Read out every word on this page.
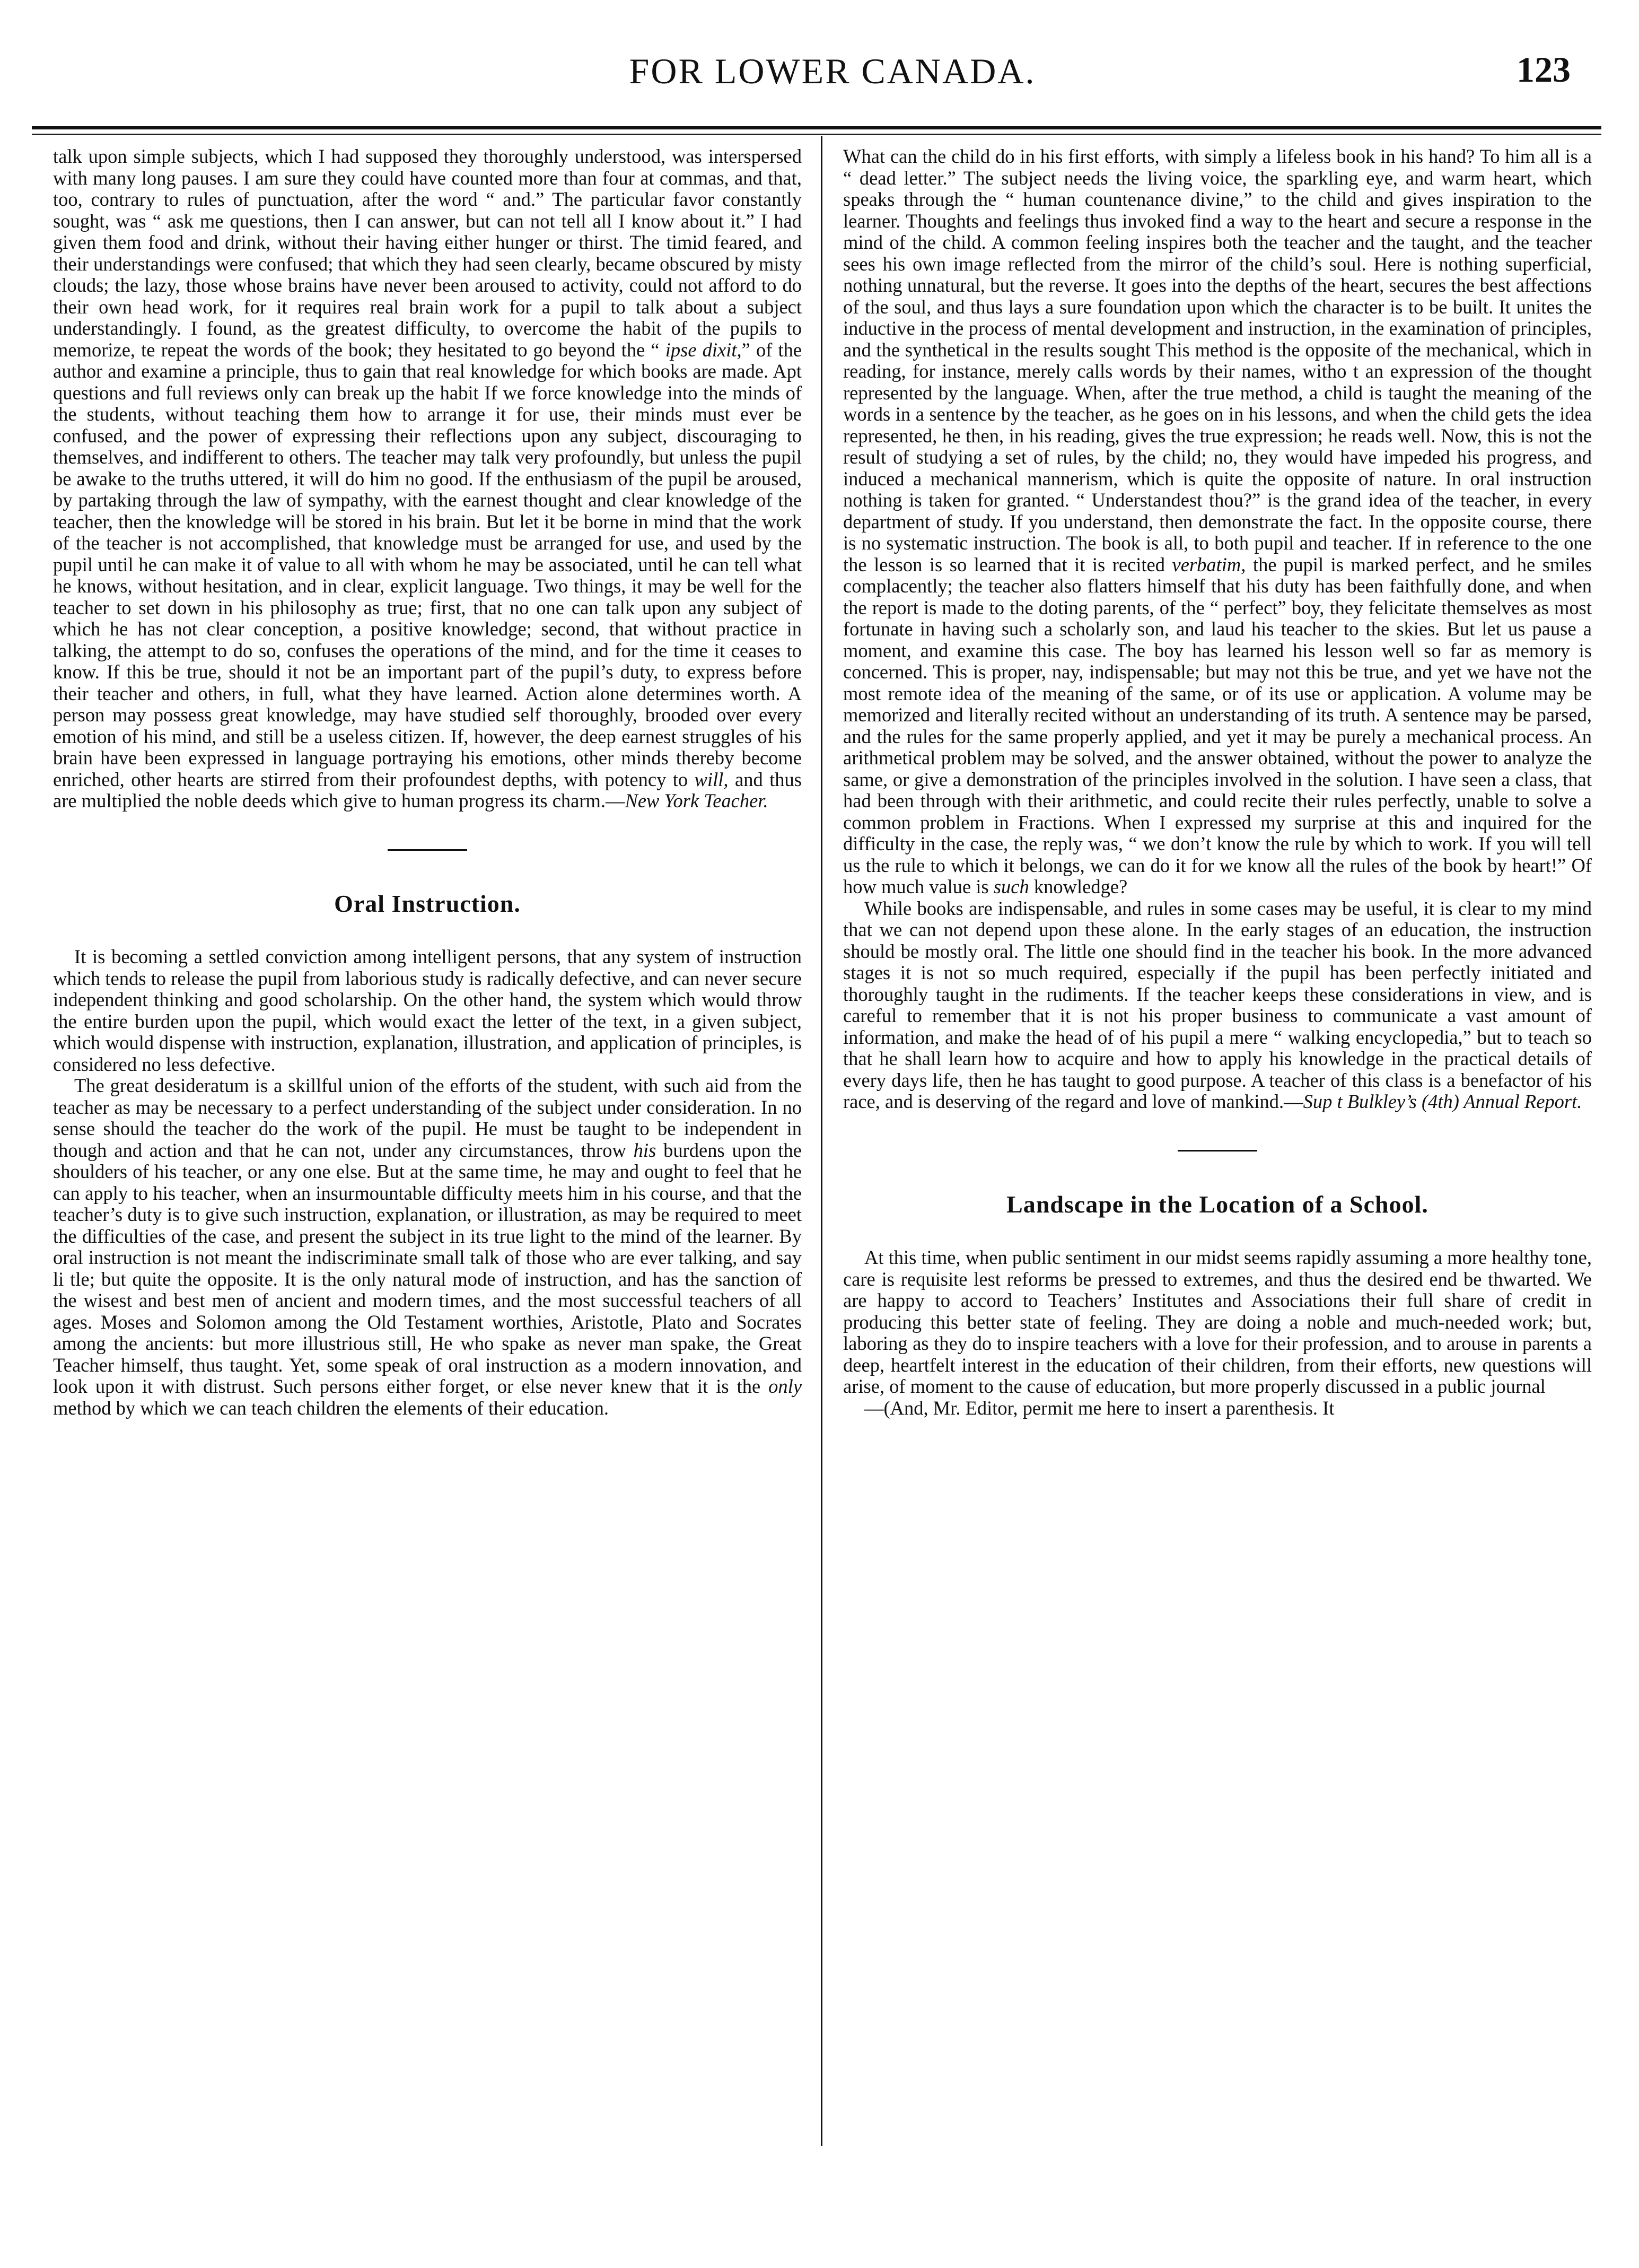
FOR LOWER CANADA.	123

talk upon simple subjects, which I had supposed they thoroughly understood, was interspersed with many long pauses. I am sure they could have counted more than four at commas, and that, too, contrary to rules of punctuation, after the word “ and.” The particular favor constantly sought, was “ ask me questions, then I can answer, but can not tell all I know about it.” I had given them food and drink, without their having either hunger or thirst. The timid feared, and their understandings were confused; that which they had seen clearly, became obscured by misty clouds; the lazy, those whose brains have never been aroused to activity, could not afford to do their own head work, for it requires real brain work for a pupil to talk about a subject understandingly. I found, as the greatest difficulty, to overcome the habit of the pupils to memorize, te repeat the words of the book; they hesitated to go beyond the “ ipse dixit,” of the author and examine a principle, thus to gain that real knowledge for which books are made. Apt questions and full reviews only can break up the habit If we force knowledge into the minds of the students, without teaching them how to arrange it for use, their minds must ever be confused, and the power of expressing their reflections upon any subject, discouraging to themselves, and indifferent to others. The teacher may talk very profoundly, but unless the pupil be awake to the truths uttered, it will do him no good. If the enthusiasm of the pupil be aroused, by partaking through the law of sympathy, with the earnest thought and clear knowledge of the teacher, then the knowledge will be stored in his brain. But let it be borne in mind that the work of the teacher is not accomplished, that knowledge must be arranged for use, and used by the pupil until he can make it of value to all with whom he may be associated, until he can tell what he knows, without hesitation, and in clear, explicit language. Two things, it may be well for the teacher to set down in his philosophy as true; first, that no one can talk upon any subject of which he has not clear conception, a positive knowledge; second, that without practice in talking, the attempt to do so, confuses the operations of the mind, and for the time it ceases to know. If this be true, should it not be an important part of the pupil’s duty, to express before their teacher and others, in full, what they have learned. Action alone determines worth. A person may possess great knowledge, may have studied self thoroughly, brooded over every emotion of his mind, and still be a useless citizen. If, however, the deep earnest struggles of his brain have been expressed in language portraying his emotions, other minds thereby become enriched, other hearts are stirred from their profoundest depths, with potency to will, and thus are multiplied the noble deeds which give to human progress its charm.—New York Teacher.

Oral Instruction.

It is becoming a settled conviction among intelligent persons, that any system of instruction which tends to release the pupil from laborious study is radically defective, and can never secure independent thinking and good scholarship. On the other hand, the system which would throw the entire burden upon the pupil, which would exact the letter of the text, in a given subject, which would dispense with instruction, explanation, illustration, and application of principles, is considered no less defective.

The great desideratum is a skillful union of the efforts of the student, with such aid from the teacher as may be necessary to a perfect understanding of the subject under consideration. In no sense should the teacher do the work of the pupil. He must be taught to be independent in though and action and that he can not, under any circumstances, throw his burdens upon the shoulders of his teacher, or any one else. But at the same time, he may and ought to feel that he can apply to his teacher, when an insurmountable difficulty meets him in his course, and that the teacher’s duty is to give such instruction, explanation, or illustration, as may be required to meet the difficulties of the case, and present the subject in its true light to the mind of the learner. By oral instruction is not meant the indiscriminate small talk of those who are ever talking, and say li tle; but quite the opposite. It is the only natural mode of instruction, and has the sanction of the wisest and best men of ancient and modern times, and the most successful teachers of all ages. Moses and Solomon among the Old Testament worthies, Aristotle, Plato and Socrates among the ancients: but more illustrious still, He who spake as never man spake, the Great Teacher himself, thus taught. Yet, some speak of oral instruction as a modern innovation, and look upon it with distrust. Such persons either forget, or else never knew that it is the only method by which we can teach children the elements of their education.

What can the child do in his first efforts, with simply a lifeless book in his hand? To him all is a “ dead letter.” The subject needs the living voice, the sparkling eye, and warm heart, which speaks through the “ human countenance divine,” to the child and gives inspiration to the learner. Thoughts and feelings thus invoked find a way to the heart and secure a response in the mind of the child. A common feeling inspires both the teacher and the taught, and the teacher sees his own image reflected from the mirror of the child’s soul. Here is nothing superficial, nothing unnatural, but the reverse. It goes into the depths of the heart, secures the best affections of the soul, and thus lays a sure foundation upon which the character is to be built. It unites the inductive in the process of mental development and instruction, in the examination of principles, and the synthetical in the results sought This method is the opposite of the mechanical, which in reading, for instance, merely calls words by their names, witho t an expression of the thought represented by the language. When, after the true method, a child is taught the meaning of the words in a sentence by the teacher, as he goes on in his lessons, and when the child gets the idea represented, he then, in his reading, gives the true expression; he reads well. Now, this is not the result of studying a set of rules, by the child; no, they would have impeded his progress, and induced a mechanical mannerism, which is quite the opposite of nature. In oral instruction nothing is taken for granted. “ Understandest thou?” is the grand idea of the teacher, in every department of study. If you understand, then demonstrate the fact. In the opposite course, there is no systematic instruction. The book is all, to both pupil and teacher. If in reference to the one the lesson is so learned that it is recited verbatim, the pupil is marked perfect, and he smiles complacently; the teacher also flatters himself that his duty has been faithfully done, and when the report is made to the doting parents, of the “ perfect” boy, they felicitate themselves as most fortunate in having such a scholarly son, and laud his teacher to the skies. But let us pause a moment, and examine this case. The boy has learned his lesson well so far as memory is concerned. This is proper, nay, indispensable; but may not this be true, and yet we have not the most remote idea of the meaning of the same, or of its use or application. A volume may be memorized and literally recited without an understanding of its truth. A sentence may be parsed, and the rules for the same properly applied, and yet it may be purely a mechanical process. An arithmetical problem may be solved, and the answer obtained, without the power to analyze the same, or give a demonstration of the principles involved in the solution. I have seen a class, that had been through with their arithmetic, and could recite their rules perfectly, unable to solve a common problem in Fractions. When I expressed my surprise at this and inquired for the difficulty in the case, the reply was, “ we don’t know the rule by which to work. If you will tell us the rule to which it belongs, we can do it for we know all the rules of the book by heart!” Of how much value is such knowledge?

While books are indispensable, and rules in some cases may be useful, it is clear to my mind that we can not depend upon these alone. In the early stages of an education, the instruction should be mostly oral. The little one should find in the teacher his book. In the more advanced stages it is not so much required, especially if the pupil has been perfectly initiated and thoroughly taught in the rudiments. If the teacher keeps these considerations in view, and is careful to remember that it is not his proper business to communicate a vast amount of information, and make the head of of his pupil a mere “ walking encyclopedia,” but to teach so that he shall learn how to acquire and how to apply his knowledge in the practical details of every days life, then he has taught to good purpose. A teacher of this class is a benefactor of his race, and is deserving of the regard and love of mankind.—Sup t Bulkley’s (4th) Annual Report.

Landscape in the Location of a School.

At this time, when public sentiment in our midst seems rapidly assuming a more healthy tone, care is requisite lest reforms be pressed to extremes, and thus the desired end be thwarted. We are happy to accord to Teachers’ Institutes and Associations their full share of credit in producing this better state of feeling. They are doing a noble and much-needed work; but, laboring as they do to inspire teachers with a love for their profession, and to arouse in parents a deep, heartfelt interest in the education of their children, from their efforts, new questions will arise, of moment to the cause of education, but more properly discussed in a public journal

—(And, Mr. Editor, permit me here to insert a parenthesis. It
